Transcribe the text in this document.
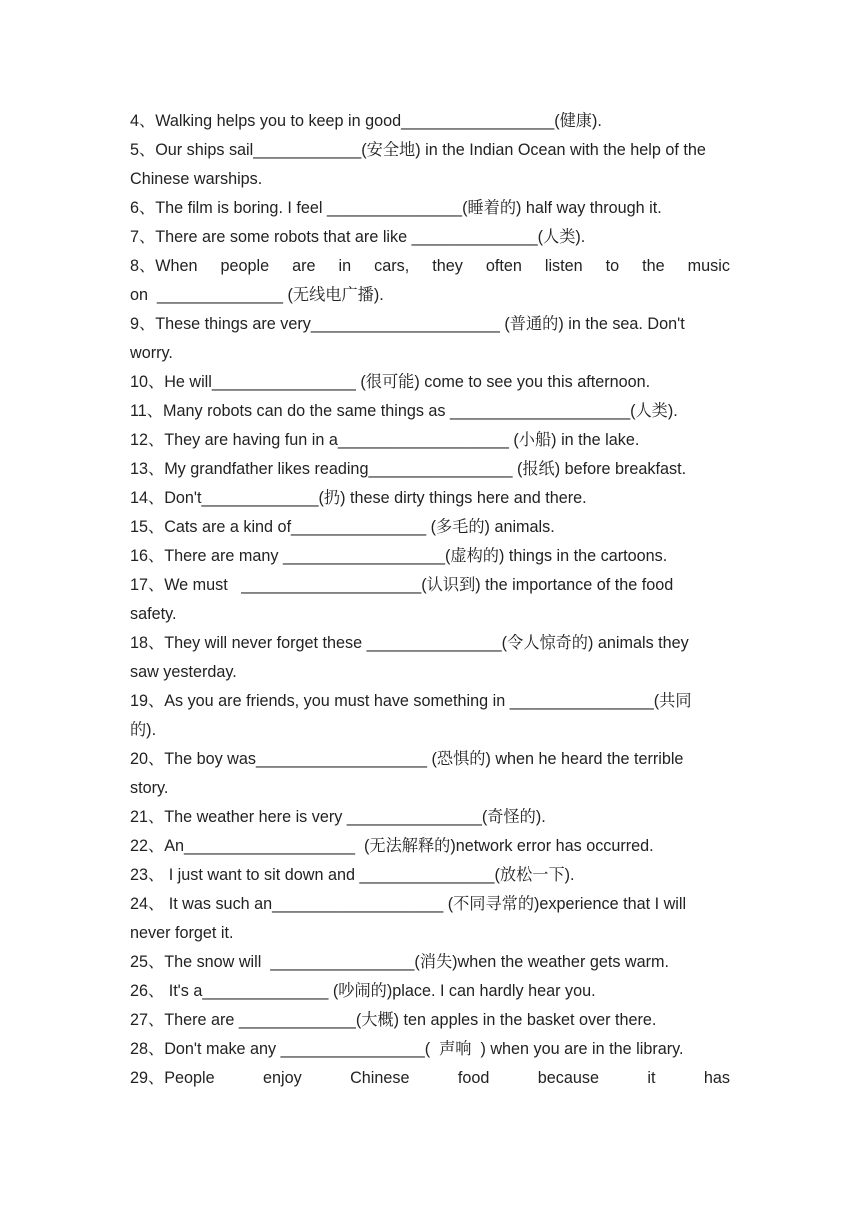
4、Walking helps you to keep in good_________________(健康).
5、Our ships sail____________(安全地) in the Indian Ocean with the help of the
Chinese warships.
6、The film is boring. I feel _______________(睡着的) half way through it.
7、There are some robots that are like ______________(人类).
8、When people are in cars, they often listen to the music
on  ______________ (无线电广播).
9、These things are very_____________________ (普通的) in the sea. Don't
worry.
10、He will________________ (很可能) come to see you this afternoon.
11、Many robots can do the same things as ____________________(人类).
12、They are having fun in a___________________ (小船) in the lake.
13、My grandfather likes reading________________ (报纸) before breakfast.
14、Don't_____________(扔) these dirty things here and there.
15、Cats are a kind of_______________ (多毛的) animals.
16、There are many __________________(虚构的) things in the cartoons.
17、We must   ____________________(认识到) the importance of the food
safety.
18、They will never forget these _______________(令人惊奇的) animals they
saw yesterday.
19、As you are friends, you must have something in ________________(共同
的).
20、The boy was___________________ (恐惧的) when he heard the terrible
story.
21、The weather here is very _______________(奇怪的).
22、An___________________  (无法解释的)network error has occurred.
23、 I just want to sit down and _______________(放松一下).
24、 It was such an___________________ (不同寻常的)experience that I will
never forget it.
25、The snow will  ________________(消失)when the weather gets warm.
26、 It's a______________ (吵闹的)place. I can hardly hear you.
27、There are _____________(大概) ten apples in the basket over there.
28、Don't make any ________________(  声响  ) when you are in the library.
29、People	enjoy	Chinese	food	because	it	has
